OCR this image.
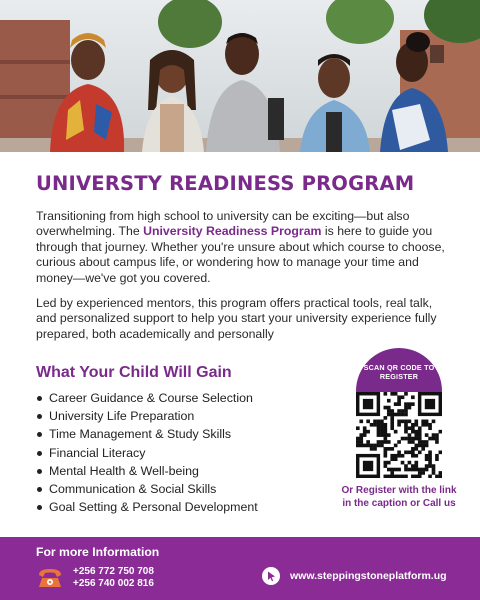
UNIVERSTY READINESS PROGRAM

Transitioning from high school to university can be exciting—but also overwhelming. The University Readiness Program is here to guide you through that journey. Whether you're unsure about which course to choose, curious about campus life, or wondering how to manage your time and money—we've got you covered.

Led by experienced mentors, this program offers practical tools, real talk, and personalized support to help you start your university experience fully prepared, both academically and personally

What Your Child Will Gain
Career Guidance & Course Selection
University Life Preparation
Time Management & Study Skills
Financial Literacy
Mental Health & Well-being
Communication & Social Skills
Goal Setting & Personal Development
SCAN QR CODE TO REGISTER
Or Register with the link in the caption or Call us
For more Information
+256 772 750 708
+256 740 002 816
www.steppingstoneplatform.ug
